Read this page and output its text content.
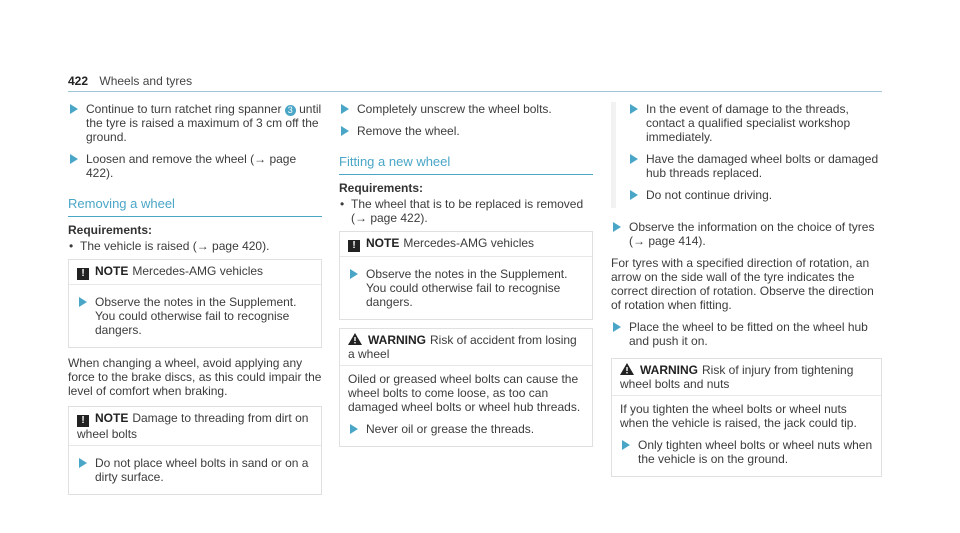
422 Wheels and tyres
Continue to turn ratchet ring spanner 3 until the tyre is raised a maximum of 3 cm off the ground.
Loosen and remove the wheel (→ page 422).
Removing a wheel
Requirements:
• The vehicle is raised (→ page 420).
! NOTE Mercedes-AMG vehicles
Observe the notes in the Supplement. You could otherwise fail to recognise dangers.
When changing a wheel, avoid applying any force to the brake discs, as this could impair the level of comfort when braking.
! NOTE Damage to threading from dirt on wheel bolts
Do not place wheel bolts in sand or on a dirty surface.
Completely unscrew the wheel bolts.
Remove the wheel.
Fitting a new wheel
Requirements:
• The wheel that is to be replaced is removed (→ page 422).
! NOTE Mercedes-AMG vehicles
Observe the notes in the Supplement. You could otherwise fail to recognise dangers.
WARNING Risk of accident from losing a wheel
Oiled or greased wheel bolts can cause the wheel bolts to come loose, as too can damaged wheel bolts or wheel hub threads.
Never oil or grease the threads.
In the event of damage to the threads, contact a qualified specialist workshop immediately.
Have the damaged wheel bolts or damaged hub threads replaced.
Do not continue driving.
Observe the information on the choice of tyres (→ page 414).
For tyres with a specified direction of rotation, an arrow on the side wall of the tyre indicates the correct direction of rotation. Observe the direction of rotation when fitting.
Place the wheel to be fitted on the wheel hub and push it on.
WARNING Risk of injury from tightening wheel bolts and nuts
If you tighten the wheel bolts or wheel nuts when the vehicle is raised, the jack could tip.
Only tighten wheel bolts or wheel nuts when the vehicle is on the ground.
